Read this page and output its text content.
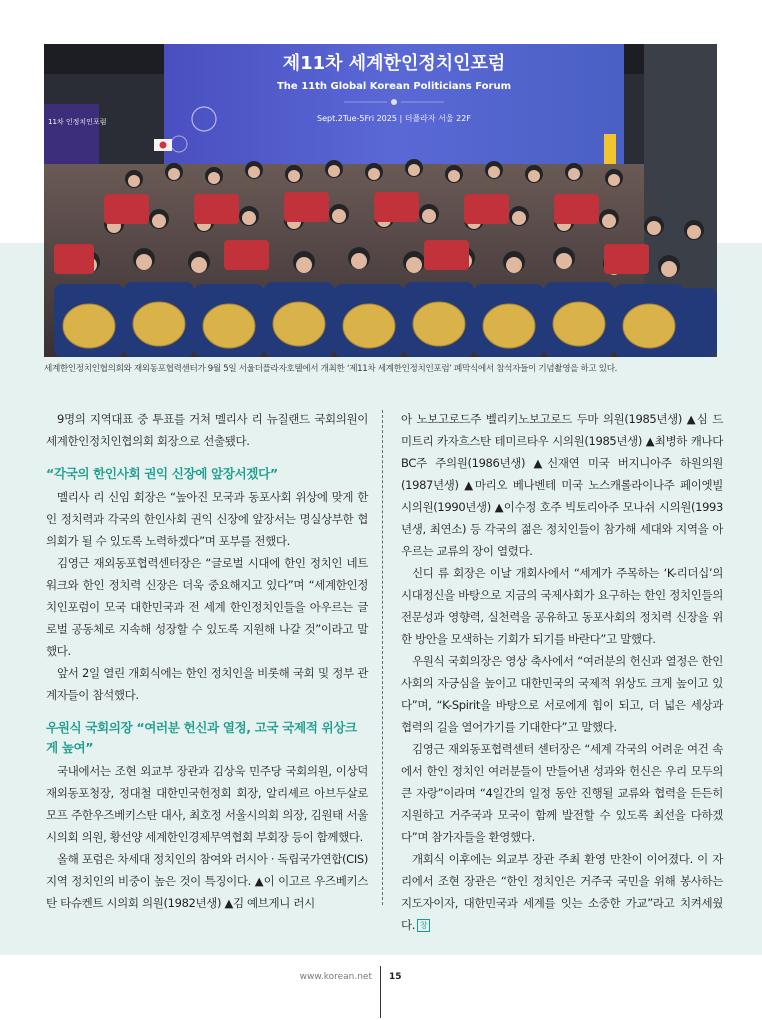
11차 인정치인포럼
제11차 세계한인정치인포럼
The 11th Global Korean Politicians Forum
Sept.2Tue-5Fri 2025 | 더플라자 서울 22F
세계한인정치인협의회와 재외동포협력센터가 9월 5일 서울더플라자호텔에서 개최한 ‘제11차 세계한인정치인포럼’ 폐막식에서 참석자들이 기념촬영을 하고 있다.

9명의 지역대표 중 투표를 거쳐 멜리사 리 뉴질랜드 국회의원이 세계한인정치인협의회 회장으로 선출됐다.

“각국의 한인사회 권익 신장에 앞장서겠다”

멜리사 리 신임 회장은 “높아진 모국과 동포사회 위상에 맞게 한인 정치력과 각국의 한인사회 권익 신장에 앞장서는 명실상부한 협의회가 될 수 있도록 노력하겠다”며 포부를 전했다.

김영근 재외동포협력센터장은 “글로벌 시대에 한인 정치인 네트워크와 한인 정치력 신장은 더욱 중요해지고 있다”며 “세계한인정치인포럼이 모국 대한민국과 전 세계 한인정치인들을 아우르는 글로벌 공동체로 지속해 성장할 수 있도록 지원해 나갈 것”이라고 말했다.

앞서 2일 열린 개회식에는 한인 정치인을 비롯해 국회 및 정부 관계자들이 참석했다.

우원식 국회의장 “여러분 헌신과 열정, 고국 국제적 위상크게 높여”

국내에서는 조현 외교부 장관과 김상욱 민주당 국회의원, 이상덕 재외동포청장, 정대철 대한민국헌정회 회장, 알리셰르 아브두살로모프 주한우즈베키스탄 대사, 최호정 서울시의회 의장, 김원태 서울시의회 의원, 황선양 세계한인경제무역협회 부회장 등이 함께했다.

올해 포럼은 차세대 정치인의 참여와 러시아 · 독립국가연합(CIS) 지역 정치인의 비중이 높은 것이 특징이다. ▲이 이고르 우즈베키스탄 타슈켄트 시의회 의원(1982년생) ▲김 예브게니 러시

아 노보고로드주 벨리키노보고로드 두마 의원(1985년생) ▲심 드미트리 카자흐스탄 테미르타우 시의원(1985년생) ▲최병하 캐나다 BC주 주의원(1986년생) ▲신재연 미국 버지니아주 하원의원(1987년생) ▲마리오 베나벤테 미국 노스캐롤라이나주 페이엣빌 시의원(1990년생) ▲이수정 호주 빅토리아주 모나쉬 시의원(1993년생, 최연소) 등 각국의 젊은 정치인들이 참가해 세대와 지역을 아우르는 교류의 장이 열렸다.

신디 류 회장은 이날 개회사에서 “세계가 주목하는 ‘K-리더십’의 시대정신을 바탕으로 지금의 국제사회가 요구하는 한인 정치인들의 전문성과 영향력, 실천력을 공유하고 동포사회의 정치력 신장을 위한 방안을 모색하는 기회가 되기를 바란다”고 말했다.

우원식 국회의장은 영상 축사에서 “여러분의 헌신과 열정은 한인사회의 자긍심을 높이고 대한민국의 국제적 위상도 크게 높이고 있다”며, “K-Spirit을 바탕으로 서로에게 힘이 되고, 더 넓은 세상과 협력의 길을 열어가기를 기대한다”고 말했다.

김영근 재외동포협력센터 센터장은 “세계 각국의 어려운 여건 속에서 한인 정치인 여러분들이 만들어낸 성과와 헌신은 우리 모두의 큰 자랑”이라며 “4일간의 일정 동안 진행될 교류와 협력을 든든히 지원하고 거주국과 모국이 함께 발전할 수 있도록 최선을 다하겠다”며 참가자들을 환영했다.

개회식 이후에는 외교부 장관 주최 환영 만찬이 이어졌다. 이 자리에서 조현 장관은 “한인 정치인은 거주국 국민을 위해 봉사하는 지도자이자, 대한민국과 세계를 잇는 소중한 가교”라고 치켜세웠다. 창

www.korean.net 15
